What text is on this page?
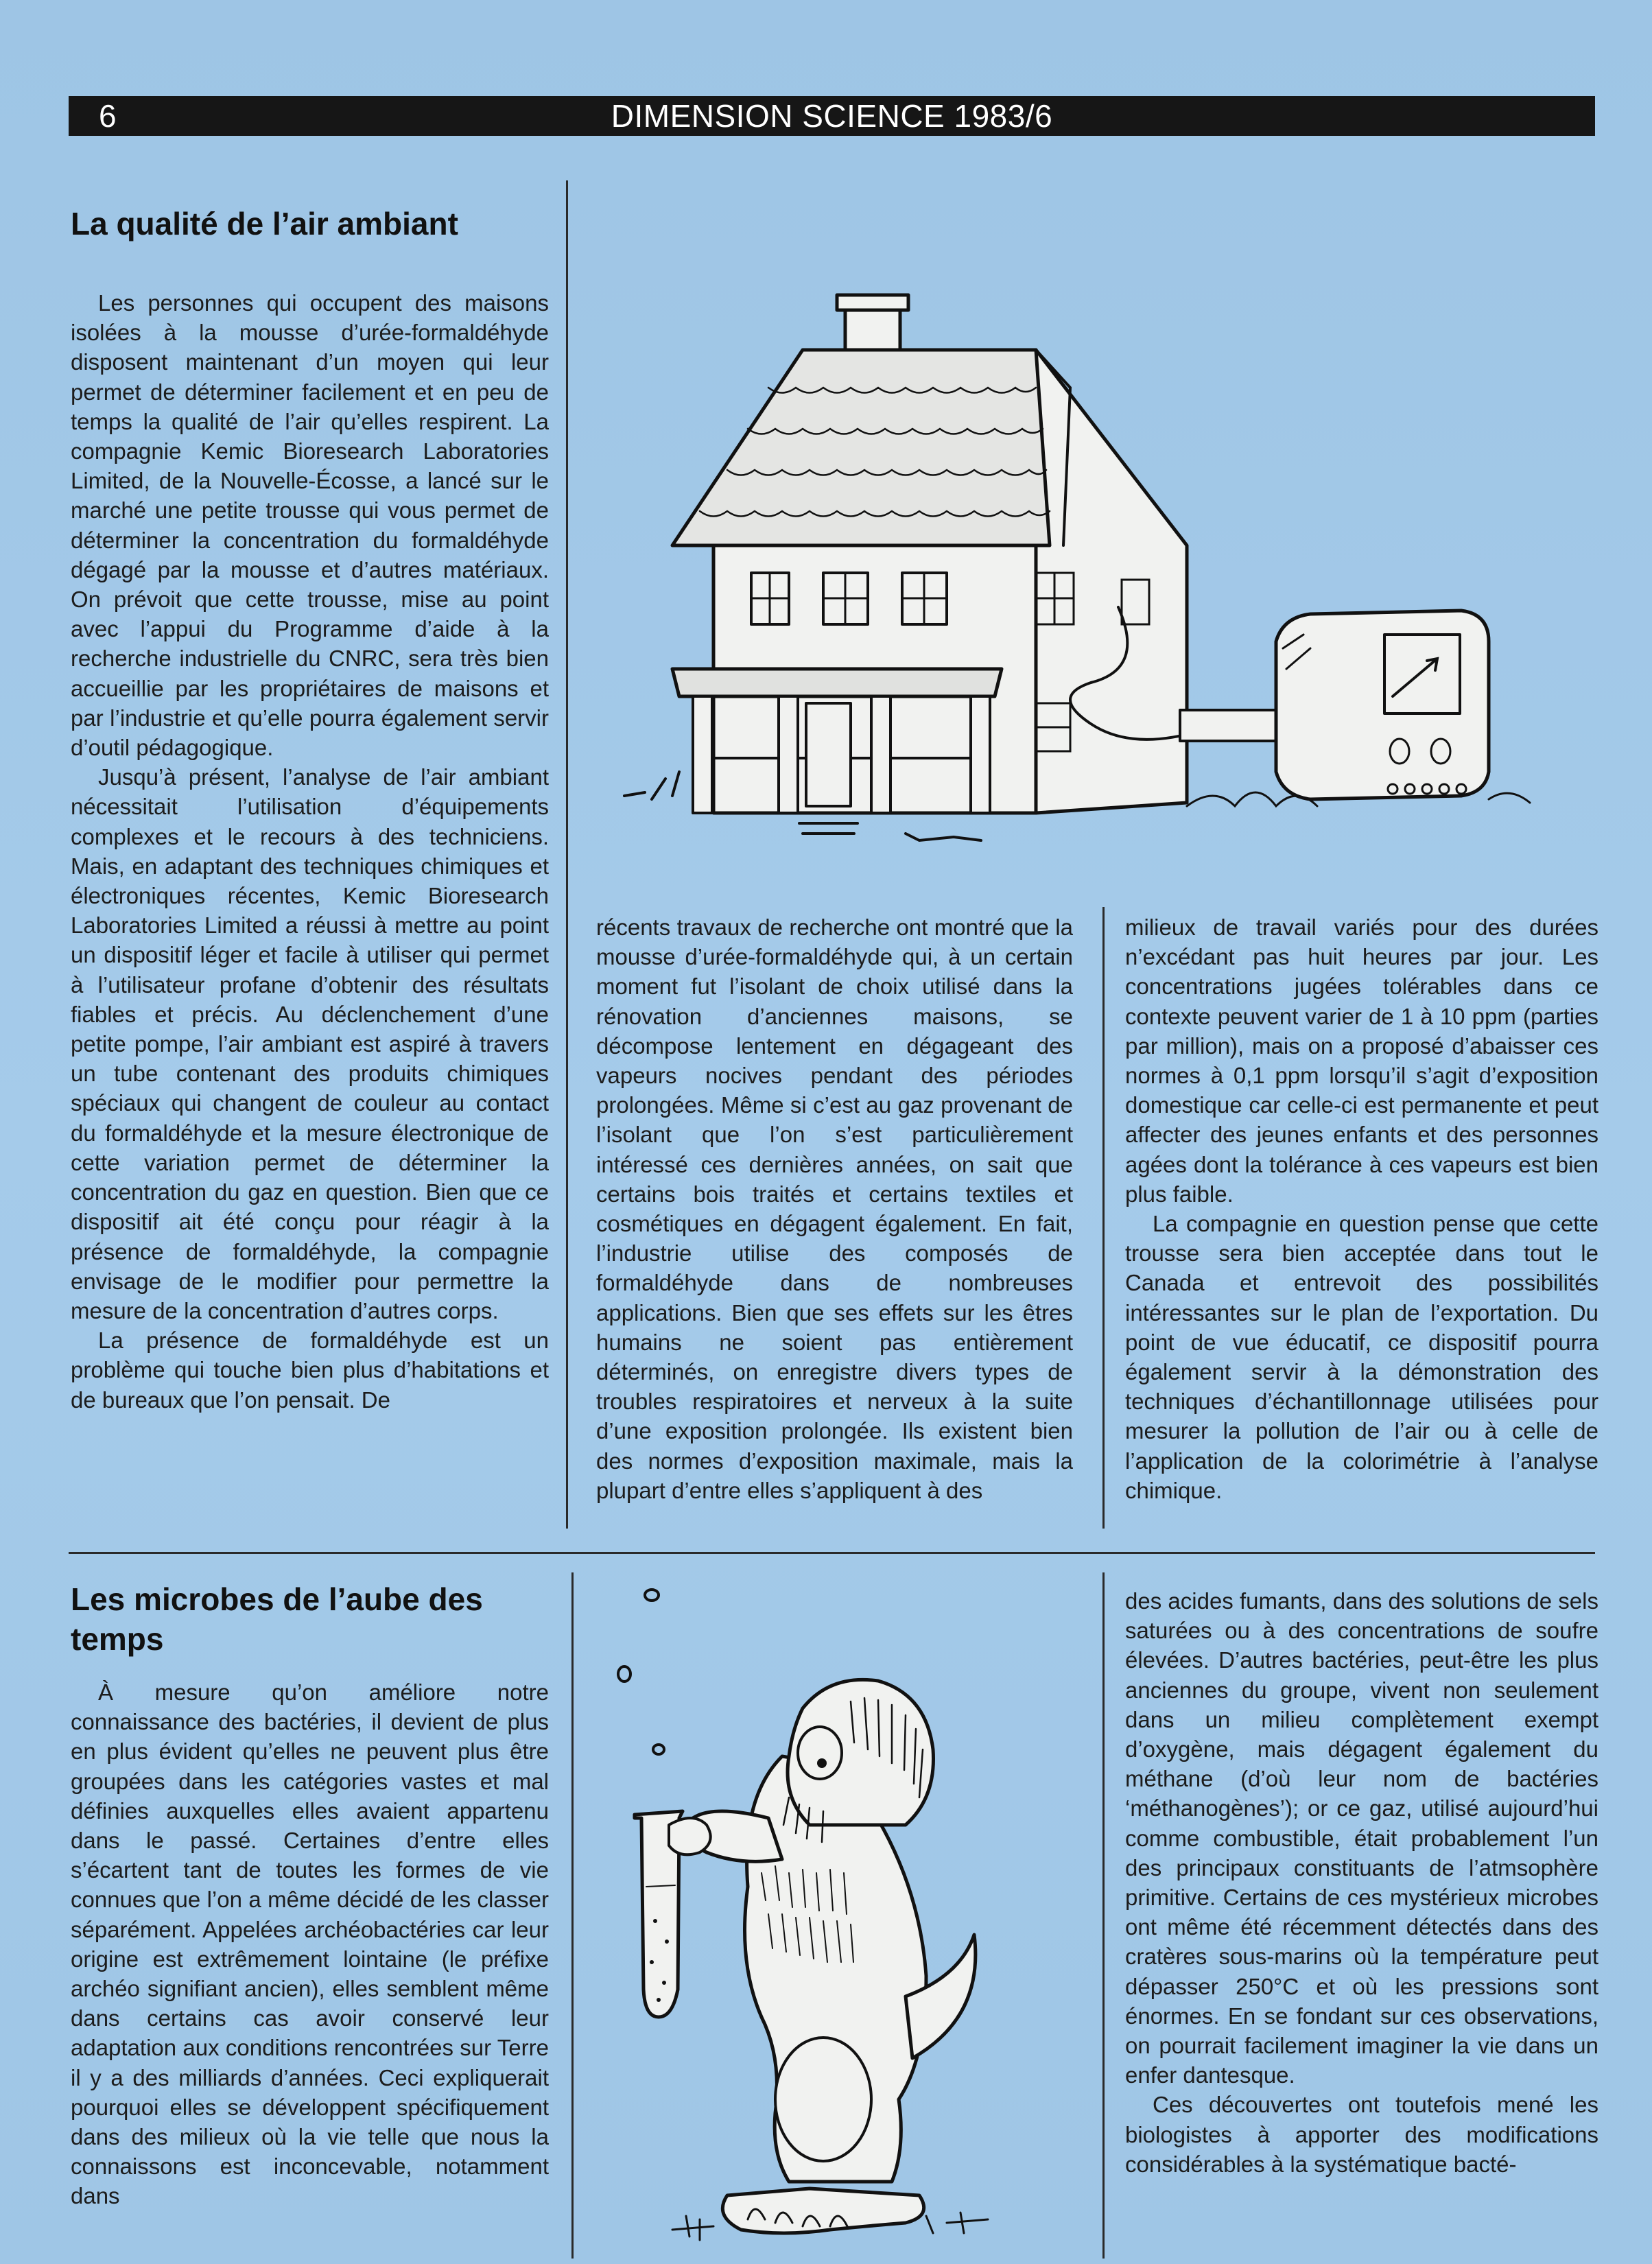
6	DIMENSION SCIENCE 1983/6
La qualité de l’air ambiant

Les personnes qui occupent des maisons isolées à la mousse d’urée-formaldéhyde disposent maintenant d’un moyen qui leur permet de déterminer facilement et en peu de temps la qualité de l’air qu’elles respirent. La compagnie Kemic Bioresearch Laboratories Limited, de la Nouvelle-Écosse, a lancé sur le marché une petite trousse qui vous permet de déterminer la concentration du formaldéhyde dégagé par la mousse et d’autres matériaux. On prévoit que cette trousse, mise au point avec l’appui du Programme d’aide à la recherche industrielle du CNRC, sera très bien accueillie par les propriétaires de maisons et par l’industrie et qu’elle pourra également servir d’outil pédagogique.

Jusqu’à présent, l’analyse de l’air ambiant nécessitait l’utilisation d’équipements complexes et le recours à des techniciens. Mais, en adaptant des techniques chimiques et électroniques récentes, Kemic Bioresearch Laboratories Limited a réussi à mettre au point un dispositif léger et facile à utiliser qui permet à l’utilisateur profane d’obtenir des résultats fiables et précis. Au déclenchement d’une petite pompe, l’air ambiant est aspiré à travers un tube contenant des produits chimiques spéciaux qui changent de couleur au contact du formaldéhyde et la mesure électronique de cette variation permet de déterminer la concentration du gaz en question. Bien que ce dispositif ait été conçu pour réagir à la présence de formaldéhyde, la compagnie envisage de le modifier pour permettre la mesure de la concentration d’autres corps.

La présence de formaldéhyde est un problème qui touche bien plus d’habitations et de bureaux que l’on pensait. De

récents travaux de recherche ont montré que la mousse d’urée-formaldéhyde qui, à un certain moment fut l’isolant de choix utilisé dans la rénovation d’anciennes maisons, se décompose lentement en dégageant des vapeurs nocives pendant des périodes prolongées. Même si c’est au gaz provenant de l’isolant que l’on s’est particulièrement intéressé ces dernières années, on sait que certains bois traités et certains textiles et cosmétiques en dégagent également. En fait, l’industrie utilise des composés de formaldéhyde dans de nombreuses applications. Bien que ses effets sur les êtres humains ne soient pas entièrement déterminés, on enregistre divers types de troubles respiratoires et nerveux à la suite d’une exposition prolongée. Ils existent bien des normes d’exposition maximale, mais la plupart d’entre elles s’appliquent à des

milieux de travail variés pour des durées n’excédant pas huit heures par jour. Les concentrations jugées tolérables dans ce contexte peuvent varier de 1 à 10 ppm (parties par million), mais on a proposé d’abaisser ces normes à 0,1 ppm lorsqu’il s’agit d’exposition domestique car celle-ci est permanente et peut affecter des jeunes enfants et des personnes agées dont la tolérance à ces vapeurs est bien plus faible.

La compagnie en question pense que cette trousse sera bien acceptée dans tout le Canada et entrevoit des possibilités intéressantes sur le plan de l’exportation. Du point de vue éducatif, ce dispositif pourra également servir à la démonstration des techniques d’échantillonnage utilisées pour mesurer la pollution de l’air ou à celle de l’application de la colorimétrie à l’analyse chimique.

Les microbes de l’aube des temps

À mesure qu’on améliore notre connaissance des bactéries, il devient de plus en plus évident qu’elles ne peuvent plus être groupées dans les catégories vastes et mal définies auxquelles elles avaient appartenu dans le passé. Certaines d’entre elles s’écartent tant de toutes les formes de vie connues que l’on a même décidé de les classer séparément. Appelées archéobactéries car leur origine est extrêmement lointaine (le préfixe archéo signifiant ancien), elles semblent même dans certains cas avoir conservé leur adaptation aux conditions rencontrées sur Terre il y a des milliards d’années. Ceci expliquerait pourquoi elles se développent spécifiquement dans des milieux où la vie telle que nous la connaissons est inconcevable, notamment dans

des acides fumants, dans des solutions de sels saturées ou à des concentrations de soufre élevées. D’autres bactéries, peut-être les plus anciennes du groupe, vivent non seulement dans un milieu complètement exempt d’oxygène, mais dégagent également du méthane (d’où leur nom de bactéries ‘méthanogènes’); or ce gaz, utilisé aujourd’hui comme combustible, était probablement l’un des principaux constituants de l’atmsophère primitive. Certains de ces mystérieux microbes ont même été récemment détectés dans des cratères sous-marins où la température peut dépasser 250°C et où les pressions sont énormes. En se fondant sur ces observations, on pourrait facilement imaginer la vie dans un enfer dantesque.

Ces découvertes ont toutefois mené les biologistes à apporter des modifications considérables à la systématique bacté-
